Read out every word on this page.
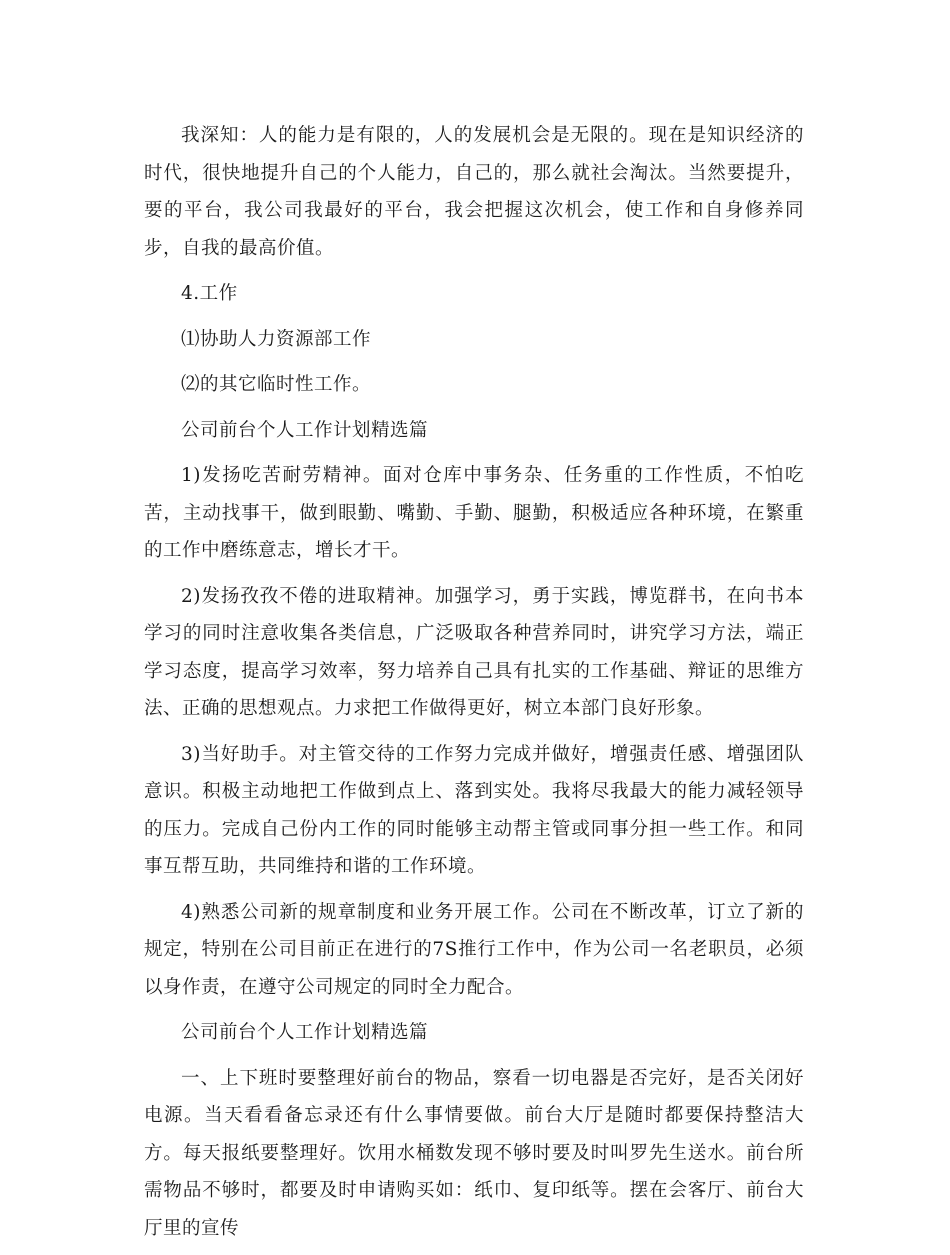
我深知：人的能力是有限的，人的发展机会是无限的。现在是知识经济的时代，很快地提升自己的个人能力，自己的，那么就社会淘汰。当然要提升，要的平台，我公司我最好的平台，我会把握这次机会，使工作和自身修养同步，自我的最高价值。

4.工作

⑴协助人力资源部工作

⑵的其它临时性工作。

公司前台个人工作计划精选篇

1)发扬吃苦耐劳精神。面对仓库中事务杂、任务重的工作性质，不怕吃苦，主动找事干，做到眼勤、嘴勤、手勤、腿勤，积极适应各种环境，在繁重的工作中磨练意志，增长才干。

2)发扬孜孜不倦的进取精神。加强学习，勇于实践，博览群书，在向书本学习的同时注意收集各类信息，广泛吸取各种营养同时，讲究学习方法，端正学习态度，提高学习效率，努力培养自己具有扎实的工作基础、辩证的思维方法、正确的思想观点。力求把工作做得更好，树立本部门良好形象。

3)当好助手。对主管交待的工作努力完成并做好，增强责任感、增强团队意识。积极主动地把工作做到点上、落到实处。我将尽我最大的能力减轻领导的压力。完成自己份内工作的同时能够主动帮主管或同事分担一些工作。和同事互帮互助，共同维持和谐的工作环境。

4)熟悉公司新的规章制度和业务开展工作。公司在不断改革，订立了新的规定，特别在公司目前正在进行的7S推行工作中，作为公司一名老职员，必须以身作责，在遵守公司规定的同时全力配合。

公司前台个人工作计划精选篇

一、上下班时要整理好前台的物品，察看一切电器是否完好，是否关闭好电源。当天看看备忘录还有什么事情要做。前台大厅是随时都要保持整洁大方。每天报纸要整理好。饮用水桶数发现不够时要及时叫罗先生送水。前台所需物品不够时，都要及时申请购买如：纸巾、复印纸等。摆在会客厅、前台大厅里的宣传
